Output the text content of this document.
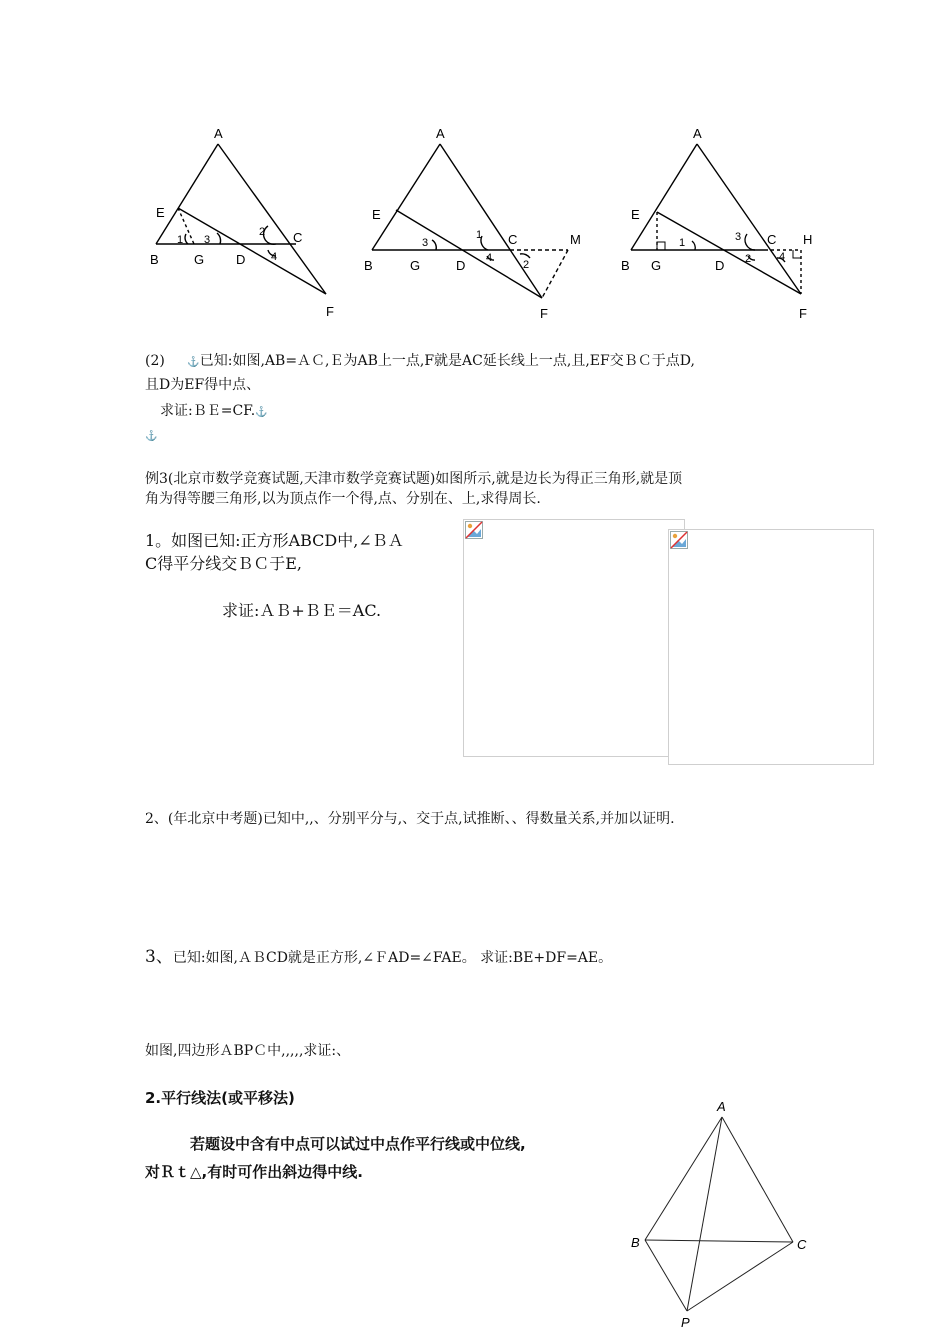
A
E
B	G D
C
F
1
2
3
4
A
E
B	G	D
C	M
F
1
2
3
4
A
E
B G	D
C H
F
1
2
3
4
(2) ⚓已知:如图,AB=ＡＣ,Ｅ为AB上一点,F就是AC延长线上一点,且,EF交ＢＣ于点D,
且D为EF得中点、
求证:ＢＥ=CF.⚓
⚓
例3(北京市数学竞赛试题,天津市数学竞赛试题)如图所示,就是边长为得正三角形,就是顶
角为得等腰三角形,以为顶点作一个得,点、分别在、上,求得周长.
1。如图已知:正方形ABCD中,∠ＢＡ
C得平分线交ＢＣ于E,
求证:ＡＢ+ＢＥ＝AC.
2、(年北京中考题)已知中,,、分别平分与,、交于点,试推断、、得数量关系,并加以证明.
3、已知:如图,ＡＢCD就是正方形,∠ＦAD=∠FAE。 求证:BE+DF=AE。
如图,四边形ＡBPＣ中,,,,,求证:、
2.平行线法(或平移法)
若题设中含有中点可以试过中点作平行线或中位线,
对Ｒｔ△,有时可作出斜边得中线.
A
B	C
P
